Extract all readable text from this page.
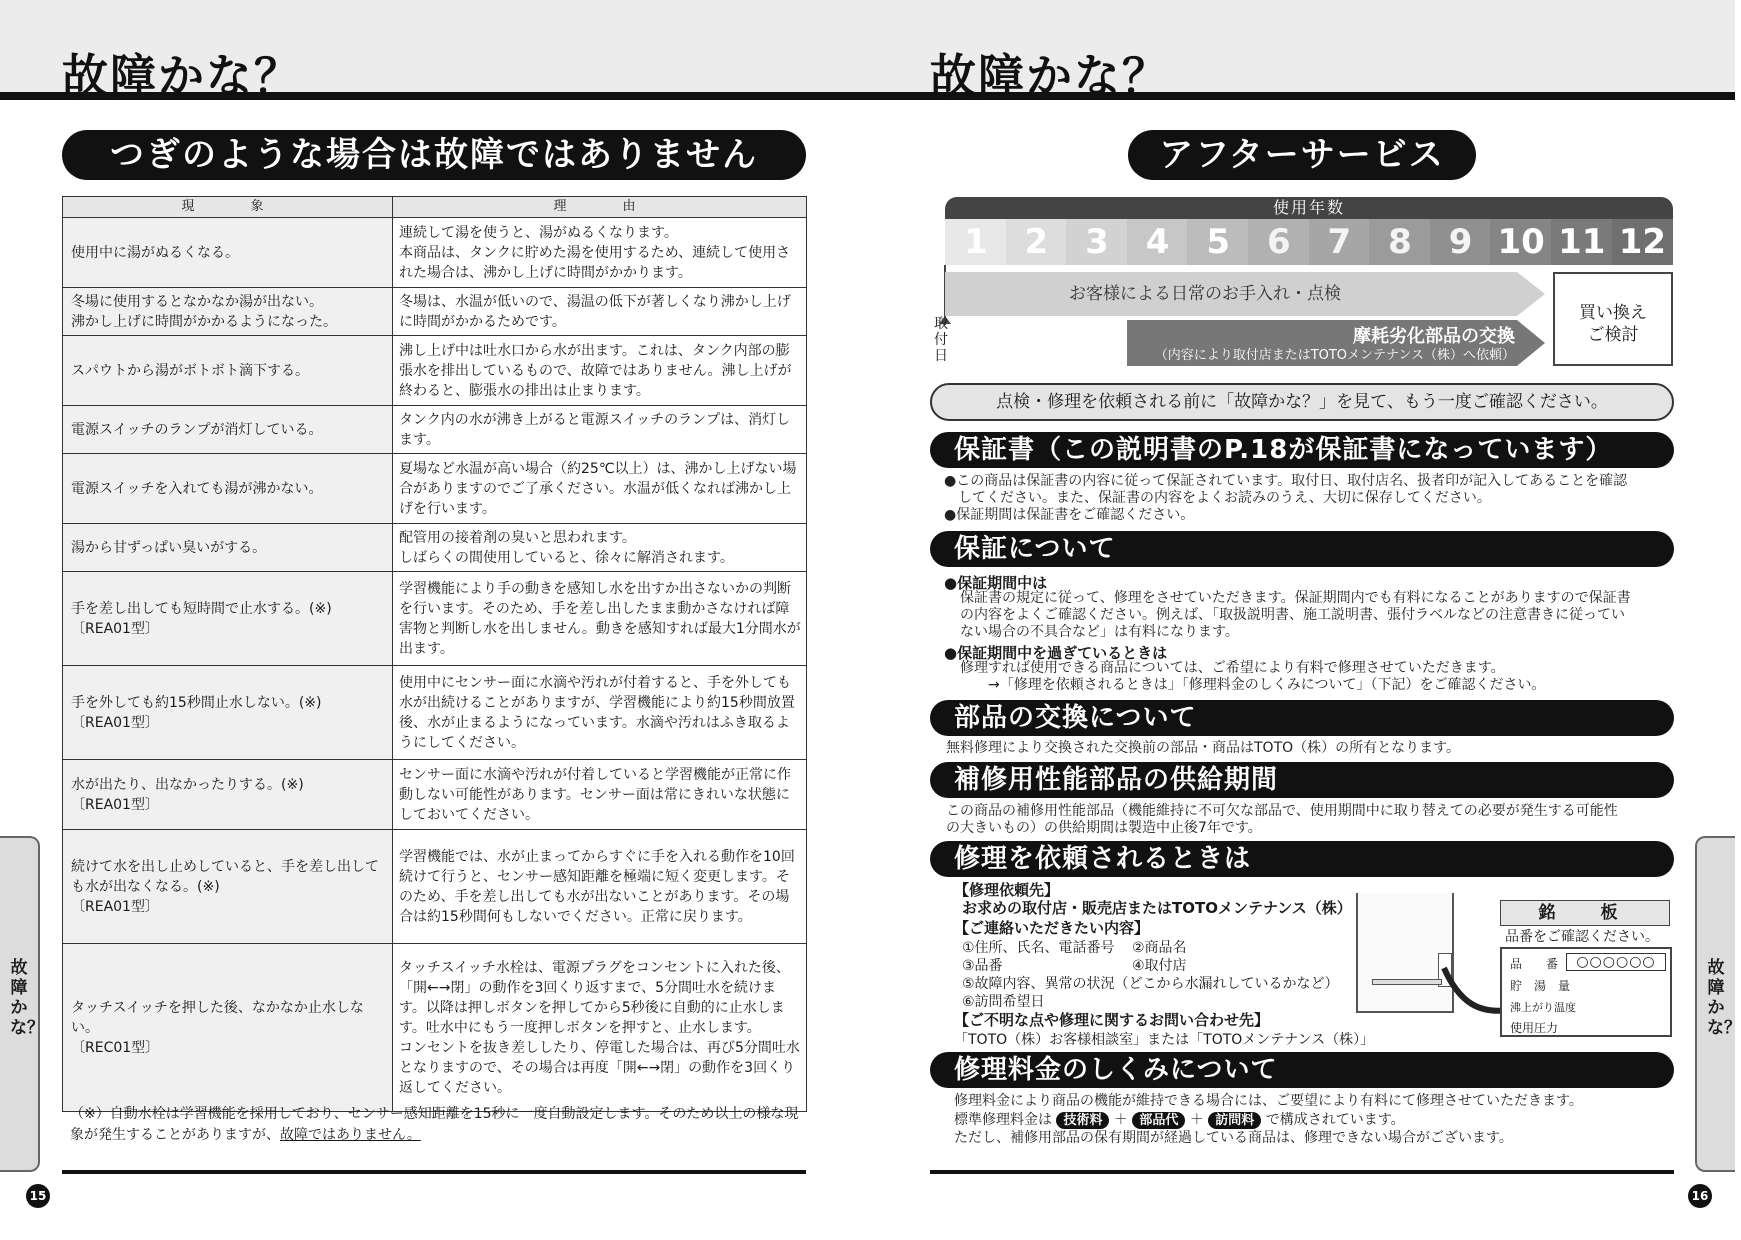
故障かな？	故障かな？
つぎのような場合は故障ではありません
現　　象	理　　由
使用中に湯がぬるくなる。	連続して湯を使うと、湯がぬるくなります。
本商品は、タンクに貯めた湯を使用するため、連続して使用された場合は、沸かし上げに時間がかかります。
冬場に使用するとなかなか湯が出ない。
沸かし上げに時間がかかるようになった。	冬場は、水温が低いので、湯温の低下が著しくなり沸かし上げに時間がかかるためです。
スパウトから湯がボトボト滴下する。	沸し上げ中は吐水口から水が出ます。これは、タンク内部の膨張水を排出しているもので、故障ではありません。沸し上げが終わると、膨張水の排出は止まります。
電源スイッチのランプが消灯している。	タンク内の水が沸き上がると電源スイッチのランプは、消灯します。
電源スイッチを入れても湯が沸かない。	夏場など水温が高い場合（約25℃以上）は、沸かし上げない場合がありますのでご了承ください。水温が低くなれば沸かし上げを行います。
湯から甘ずっぱい臭いがする。	配管用の接着剤の臭いと思われます。
しばらくの間使用していると、徐々に解消されます。
手を差し出しても短時間で止水する。(※)
〔REA01型〕	学習機能により手の動きを感知し水を出すか出さないかの判断を行います。そのため、手を差し出したまま動かさなければ障害物と判断し水を出しません。動きを感知すれば最大1分間水が出ます。
手を外しても約15秒間止水しない。(※)
〔REA01型〕	使用中にセンサー面に水滴や汚れが付着すると、手を外しても水が出続けることがありますが、学習機能により約15秒間放置後、水が止まるようになっています。水滴や汚れはふき取るようにしてください。
水が出たり、出なかったりする。(※)
〔REA01型〕	センサー面に水滴や汚れが付着していると学習機能が正常に作動しない可能性があります。センサー面は常にきれいな状態にしておいてください。
続けて水を出し止めしていると、手を差し出しても水が出なくなる。(※)
〔REA01型〕	学習機能では、水が止まってからすぐに手を入れる動作を10回続けて行うと、センサー感知距離を極端に短く変更します。そのため、手を差し出しても水が出ないことがあります。その場合は約15秒間何もしないでください。正常に戻ります。
タッチスイッチを押した後、なかなか止水しない。
〔REC01型〕	タッチスイッチ水栓は、電源プラグをコンセントに入れた後、「開←→閉」の動作を3回くり返すまで、5分間吐水を続けます。以降は押しボタンを押してから5秒後に自動的に止水します。吐水中にもう一度押しボタンを押すと、止水します。
コンセントを抜き差ししたり、停電した場合は、再び5分間吐水となりますので、その場合は再度「開←→閉」の動作を3回くり返してください。
（※）自動水栓は学習機能を採用しており、センサー感知距離を15秒に一度自動設定します。そのため以上の様な現象が発生することがありますが、故障ではありません。
15
故障かな？
アフターサービス
使用年数
1	2	3	4	5	6	7	8	9 10 11 12
取付日
お客様による日常のお手入れ・点検
摩耗劣化部品の交換
（内容により取付店またはTOTOメンテナンス（株）へ依頼）
買い換え
ご検討
点検・修理を依頼される前に「故障かな？」を見て、もう一度ご確認ください。
保証書（この説明書のP.18が保証書になっています）
●この商品は保証書の内容に従って保証されています。取付日、取付店名、扱者印が記入してあることを確認
　してください。また、保証書の内容をよくお読みのうえ、大切に保存してください。
●保証期間は保証書をご確認ください。
保証について
●保証期間中は
保証書の規定に従って、修理をさせていただきます。保証期間内でも有料になることがありますので保証書
の内容をよくご確認ください。例えば、「取扱説明書、施工説明書、張付ラベルなどの注意書きに従ってい
ない場合の不具合など」は有料になります。
●保証期間中を過ぎているときは
修理すれば使用できる商品については、ご希望により有料で修理させていただきます。
　　→「修理を依頼されるときは」「修理料金のしくみについて」（下記）をご確認ください。
部品の交換について
無料修理により交換された交換前の部品・商品はTOTO（株）の所有となります。
補修用性能部品の供給期間
この商品の補修用性能部品（機能維持に不可欠な部品で、使用期間中に取り替えての必要が発生する可能性
の大きいもの）の供給期間は製造中止後7年です。
修理を依頼されるときは
【修理依頼先】
お求めの取付店・販売店またはTOTOメンテナンス（株）
【ご連絡いただきたい内容】
①住所、氏名、電話番号 ②商品名
③品番	④取付店
⑤故障内容、異常の状況（どこから水漏れしているかなど）
⑥訪問希望日
【ご不明な点や修理に関するお問い合わせ先】
「TOTO（株）お客様相談室」または「TOTOメンテナンス（株）」
銘　板
品番をご確認ください。
品　　番	○○○○○○
貯　湯　量
沸上がり温度
使用圧力
修理料金のしくみについて
修理料金により商品の機能が維持できる場合には、ご要望により有料にて修理させていただきます。
標準修理料金は 技術料 ＋ 部品代 ＋ 訪問料 で構成されています。
ただし、補修用部品の保有期間が経過している商品は、修理できない場合がございます。
16
故障かな？
